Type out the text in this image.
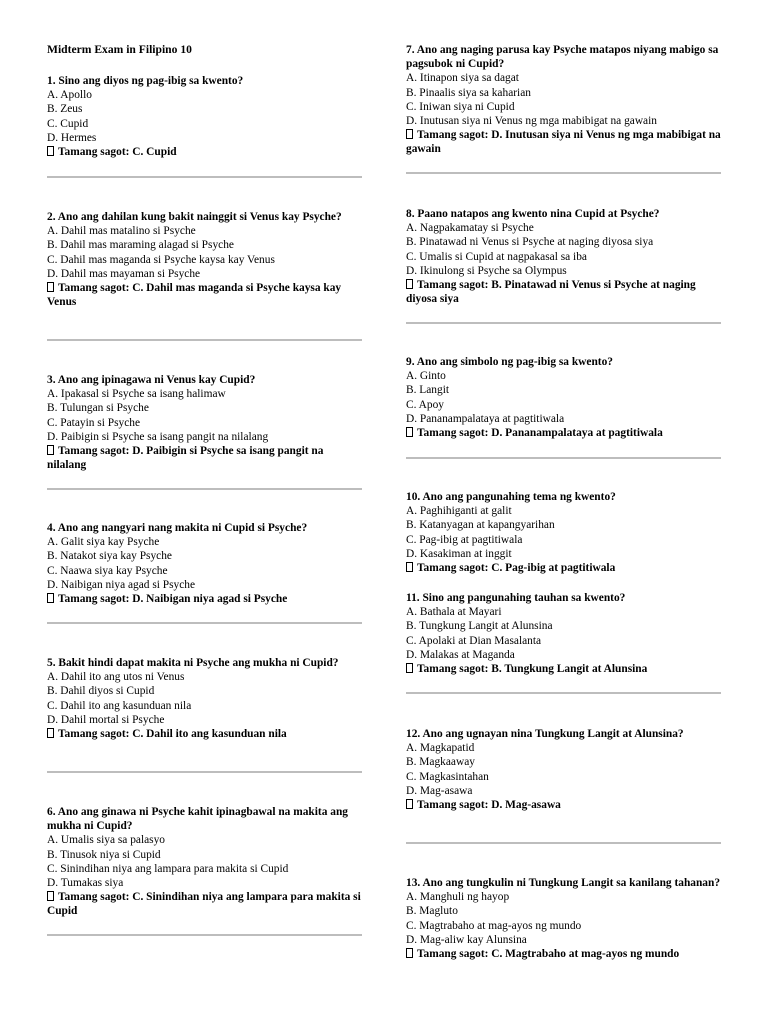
Midterm Exam in Filipino 10

1. Sino ang diyos ng pag-ibig sa kwento?

A. Apollo
B. Zeus
C. Cupid
D. Hermes

Tamang sagot: C. Cupid

2. Ano ang dahilan kung bakit nainggit si Venus kay Psyche?

A. Dahil mas matalino si Psyche
B. Dahil mas maraming alagad si Psyche
C. Dahil mas maganda si Psyche kaysa kay Venus
D. Dahil mas mayaman si Psyche

Tamang sagot: C. Dahil mas maganda si Psyche kaysa kay Venus

3. Ano ang ipinagawa ni Venus kay Cupid?

A. Ipakasal si Psyche sa isang halimaw
B. Tulungan si Psyche
C. Patayin si Psyche
D. Paibigin si Psyche sa isang pangit na nilalang

Tamang sagot: D. Paibigin si Psyche sa isang pangit na nilalang

4. Ano ang nangyari nang makita ni Cupid si Psyche?

A. Galit siya kay Psyche
B. Natakot siya kay Psyche
C. Naawa siya kay Psyche
D. Naibigan niya agad si Psyche

Tamang sagot: D. Naibigan niya agad si Psyche

5. Bakit hindi dapat makita ni Psyche ang mukha ni Cupid?

A. Dahil ito ang utos ni Venus
B. Dahil diyos si Cupid
C. Dahil ito ang kasunduan nila
D. Dahil mortal si Psyche

Tamang sagot: C. Dahil ito ang kasunduan nila

6. Ano ang ginawa ni Psyche kahit ipinagbawal na makita ang mukha ni Cupid?

A. Umalis siya sa palasyo
B. Tinusok niya si Cupid
C. Sinindihan niya ang lampara para makita si Cupid
D. Tumakas siya

Tamang sagot: C. Sinindihan niya ang lampara para makita si Cupid

7. Ano ang naging parusa kay Psyche matapos niyang mabigo sa pagsubok ni Cupid?

A. Itinapon siya sa dagat
B. Pinaalis siya sa kaharian
C. Iniwan siya ni Cupid
D. Inutusan siya ni Venus ng mga mabibigat na gawain

Tamang sagot: D. Inutusan siya ni Venus ng mga mabibigat na gawain

8. Paano natapos ang kwento nina Cupid at Psyche?

A. Nagpakamatay si Psyche
B. Pinatawad ni Venus si Psyche at naging diyosa siya
C. Umalis si Cupid at nagpakasal sa iba
D. Ikinulong si Psyche sa Olympus

Tamang sagot: B. Pinatawad ni Venus si Psyche at naging diyosa siya

9. Ano ang simbolo ng pag-ibig sa kwento?

A. Ginto
B. Langit
C. Apoy
D. Pananampalataya at pagtitiwala

Tamang sagot: D. Pananampalataya at pagtitiwala

10. Ano ang pangunahing tema ng kwento?

A. Paghihiganti at galit
B. Katanyagan at kapangyarihan
C. Pag-ibig at pagtitiwala
D. Kasakiman at inggit

Tamang sagot: C. Pag-ibig at pagtitiwala

11. Sino ang pangunahing tauhan sa kwento?

A. Bathala at Mayari
B. Tungkung Langit at Alunsina
C. Apolaki at Dian Masalanta
D. Malakas at Maganda

Tamang sagot: B. Tungkung Langit at Alunsina

12. Ano ang ugnayan nina Tungkung Langit at Alunsina?

A. Magkapatid
B. Magkaaway
C. Magkasintahan
D. Mag-asawa

Tamang sagot: D. Mag-asawa

13. Ano ang tungkulin ni Tungkung Langit sa kanilang tahanan?

A. Manghuli ng hayop
B. Magluto
C. Magtrabaho at mag-ayos ng mundo
D. Mag-aliw kay Alunsina

Tamang sagot: C. Magtrabaho at mag-ayos ng mundo
